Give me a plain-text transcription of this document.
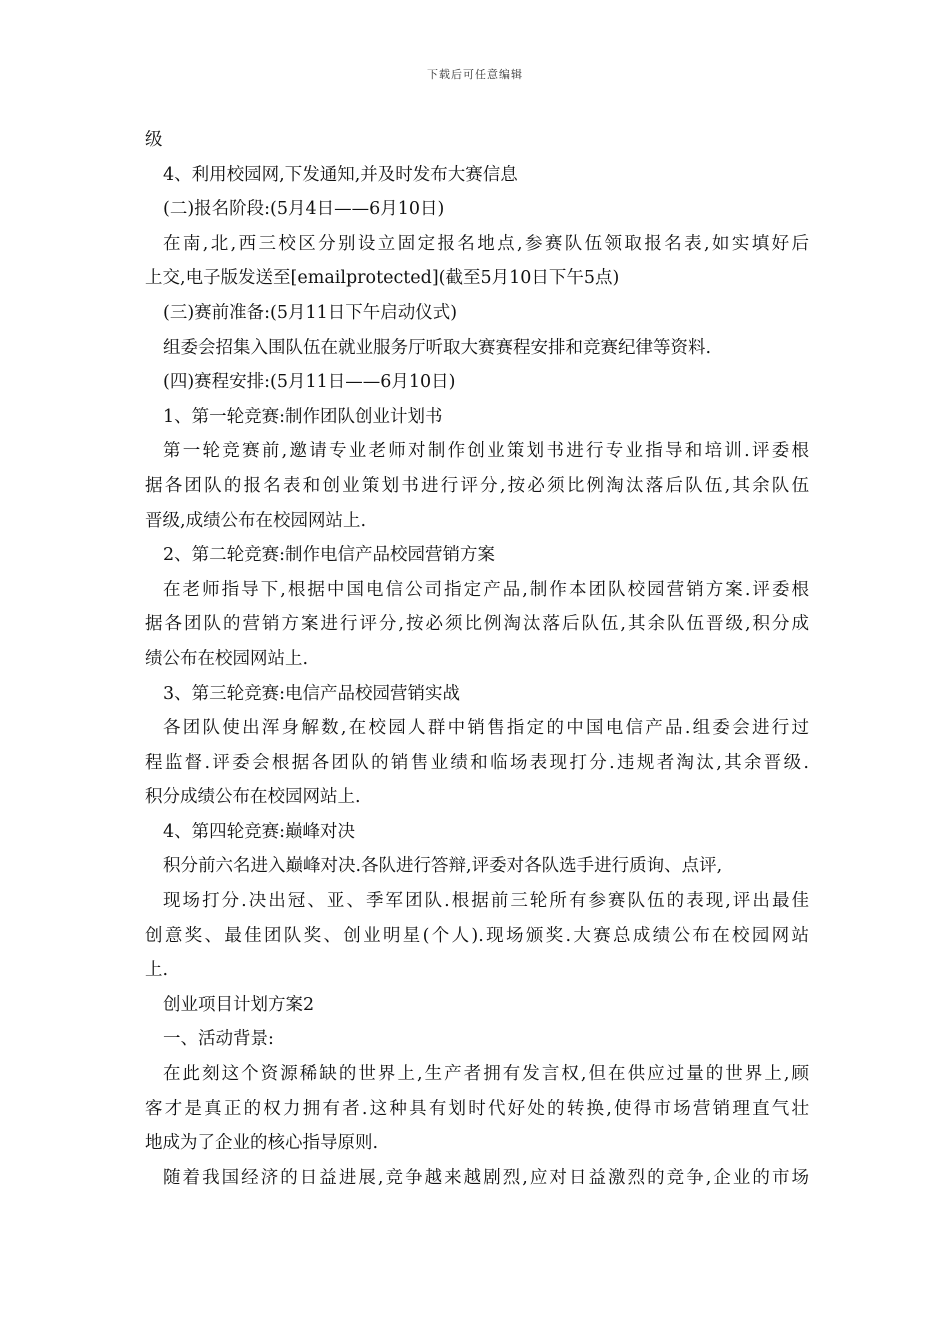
下载后可任意编辑
级
4、利用校园网,下发通知,并及时发布大赛信息
(二)报名阶段:(5月4日——6月10日)
在南,北,西三校区分别设立固定报名地点,参赛队伍领取报名表,如实填好后
上交,电子版发送至[emailprotected](截至5月10日下午5点)
(三)赛前准备:(5月11日下午启动仪式)
组委会招集入围队伍在就业服务厅听取大赛赛程安排和竞赛纪律等资料.
(四)赛程安排:(5月11日——6月10日)
1、第一轮竞赛:制作团队创业计划书
第一轮竞赛前,邀请专业老师对制作创业策划书进行专业指导和培训.评委根
据各团队的报名表和创业策划书进行评分,按必须比例淘汰落后队伍,其余队伍
晋级,成绩公布在校园网站上.
2、第二轮竞赛:制作电信产品校园营销方案
在老师指导下,根据中国电信公司指定产品,制作本团队校园营销方案.评委根
据各团队的营销方案进行评分,按必须比例淘汰落后队伍,其余队伍晋级,积分成
绩公布在校园网站上.
3、第三轮竞赛:电信产品校园营销实战
各团队使出浑身解数,在校园人群中销售指定的中国电信产品.组委会进行过
程监督.评委会根据各团队的销售业绩和临场表现打分.违规者淘汰,其余晋级.
积分成绩公布在校园网站上.
4、第四轮竞赛:巅峰对决
积分前六名进入巅峰对决.各队进行答辩,评委对各队选手进行质询、点评,
现场打分.决出冠、亚、季军团队.根据前三轮所有参赛队伍的表现,评出最佳
创意奖、最佳团队奖、创业明星(个人).现场颁奖.大赛总成绩公布在校园网站
上.
创业项目计划方案2
一、活动背景:
在此刻这个资源稀缺的世界上,生产者拥有发言权,但在供应过量的世界上,顾
客才是真正的权力拥有者.这种具有划时代好处的转换,使得市场营销理直气壮
地成为了企业的核心指导原则.
随着我国经济的日益进展,竞争越来越剧烈,应对日益激烈的竞争,企业的市场
